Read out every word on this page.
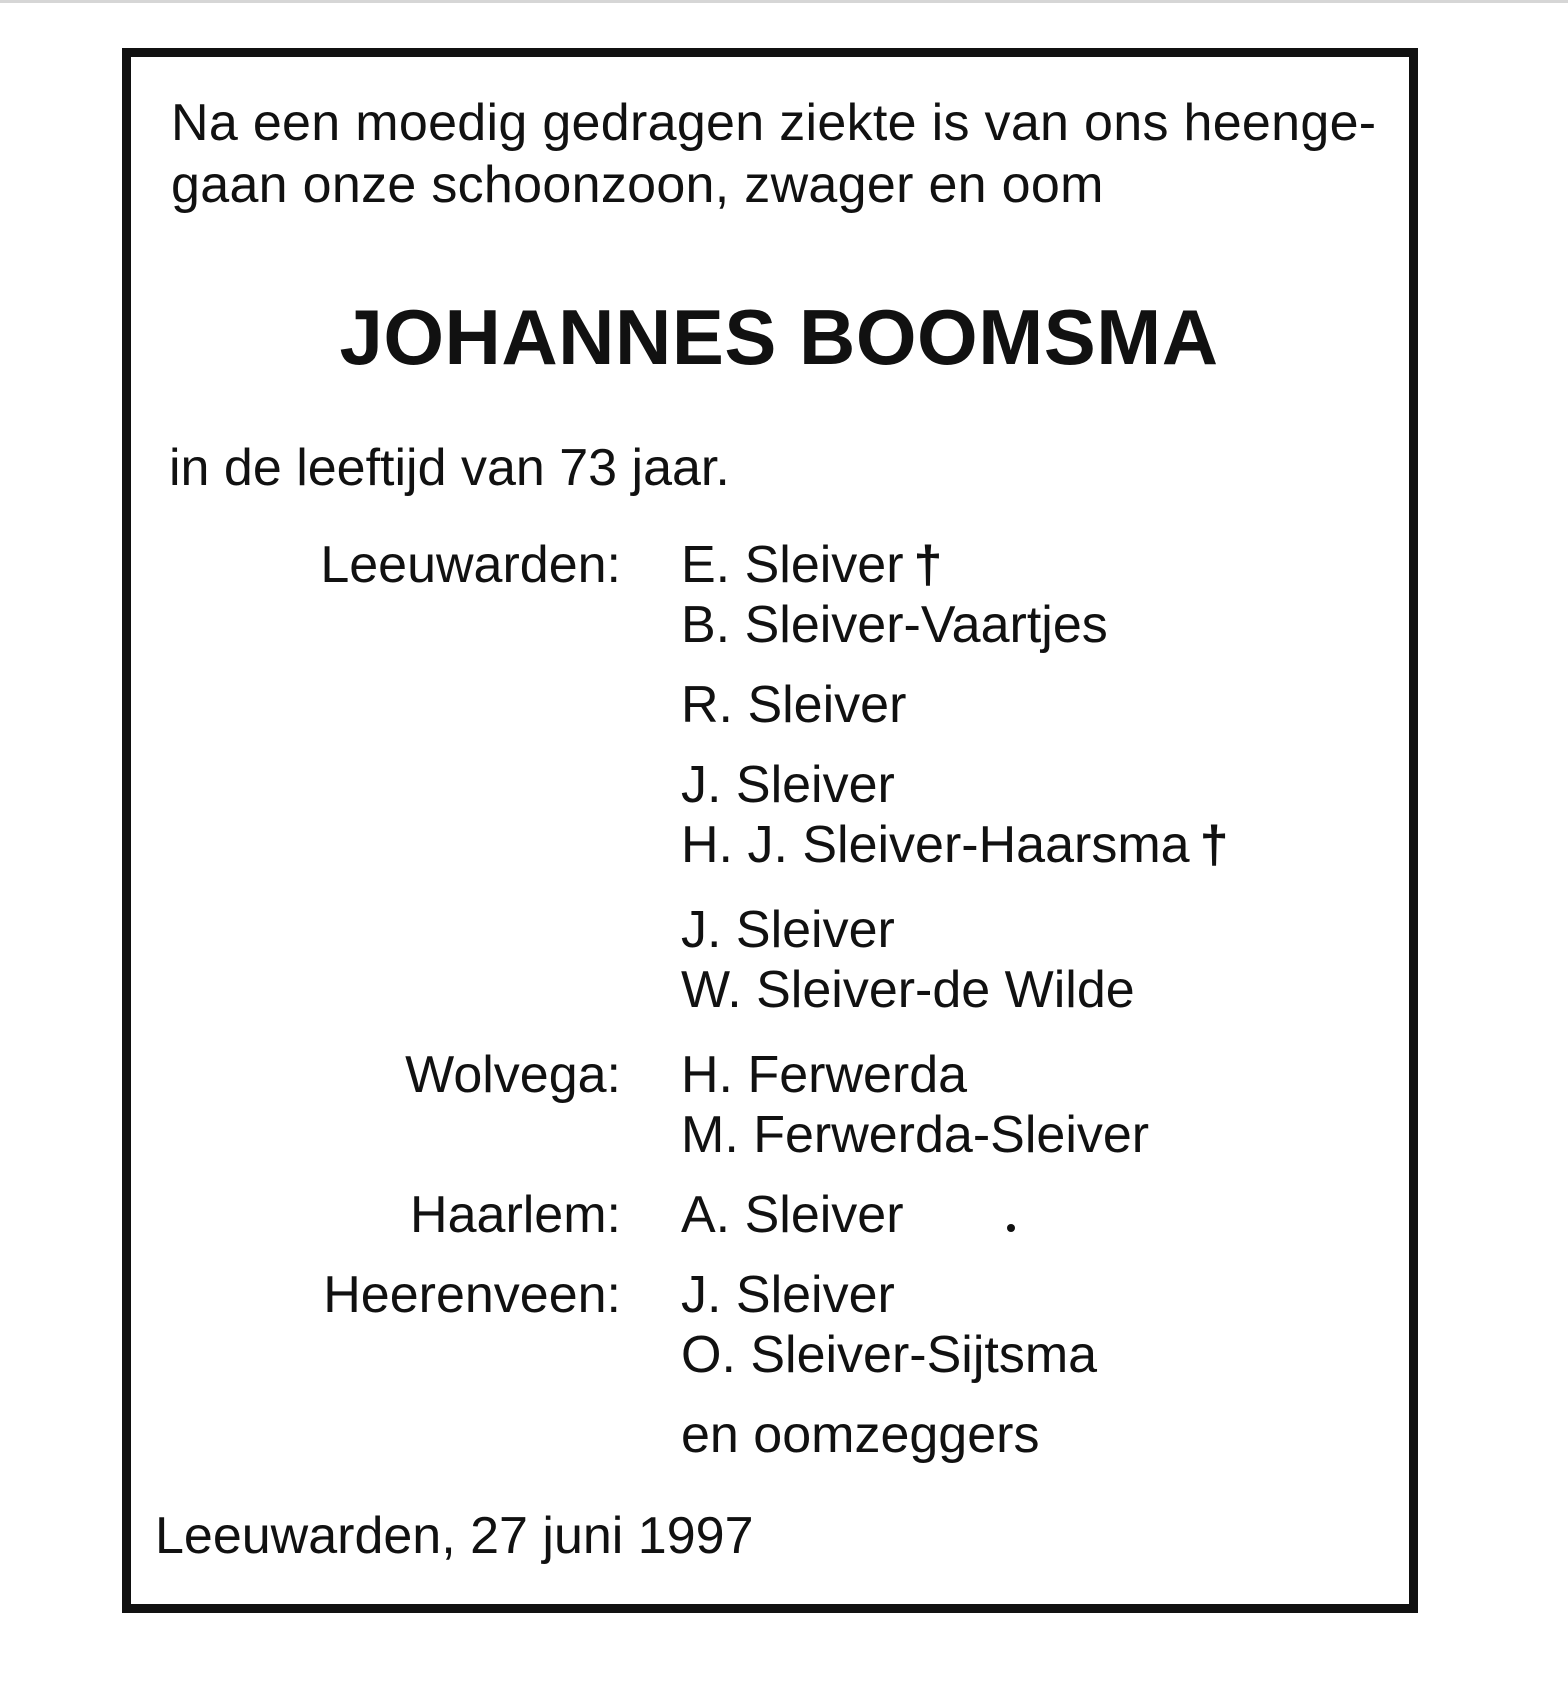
Na een moedig gedragen ziekte is van ons heenge-
gaan onze schoonzoon, zwager en oom

JOHANNES BOOMSMA

in de leeftijd van 73 jaar.

Leeuwarden: E. Sleiver †
B. Sleiver-Vaartjes
R. Sleiver
J. Sleiver
H. J. Sleiver-Haarsma †
J. Sleiver
W. Sleiver-de Wilde
Wolvega: H. Ferwerda
M. Ferwerda-Sleiver
Haarlem: A. Sleiver
Heerenveen: J. Sleiver
O. Sleiver-Sijtsma
en oomzeggers

Leeuwarden, 27 juni 1997
